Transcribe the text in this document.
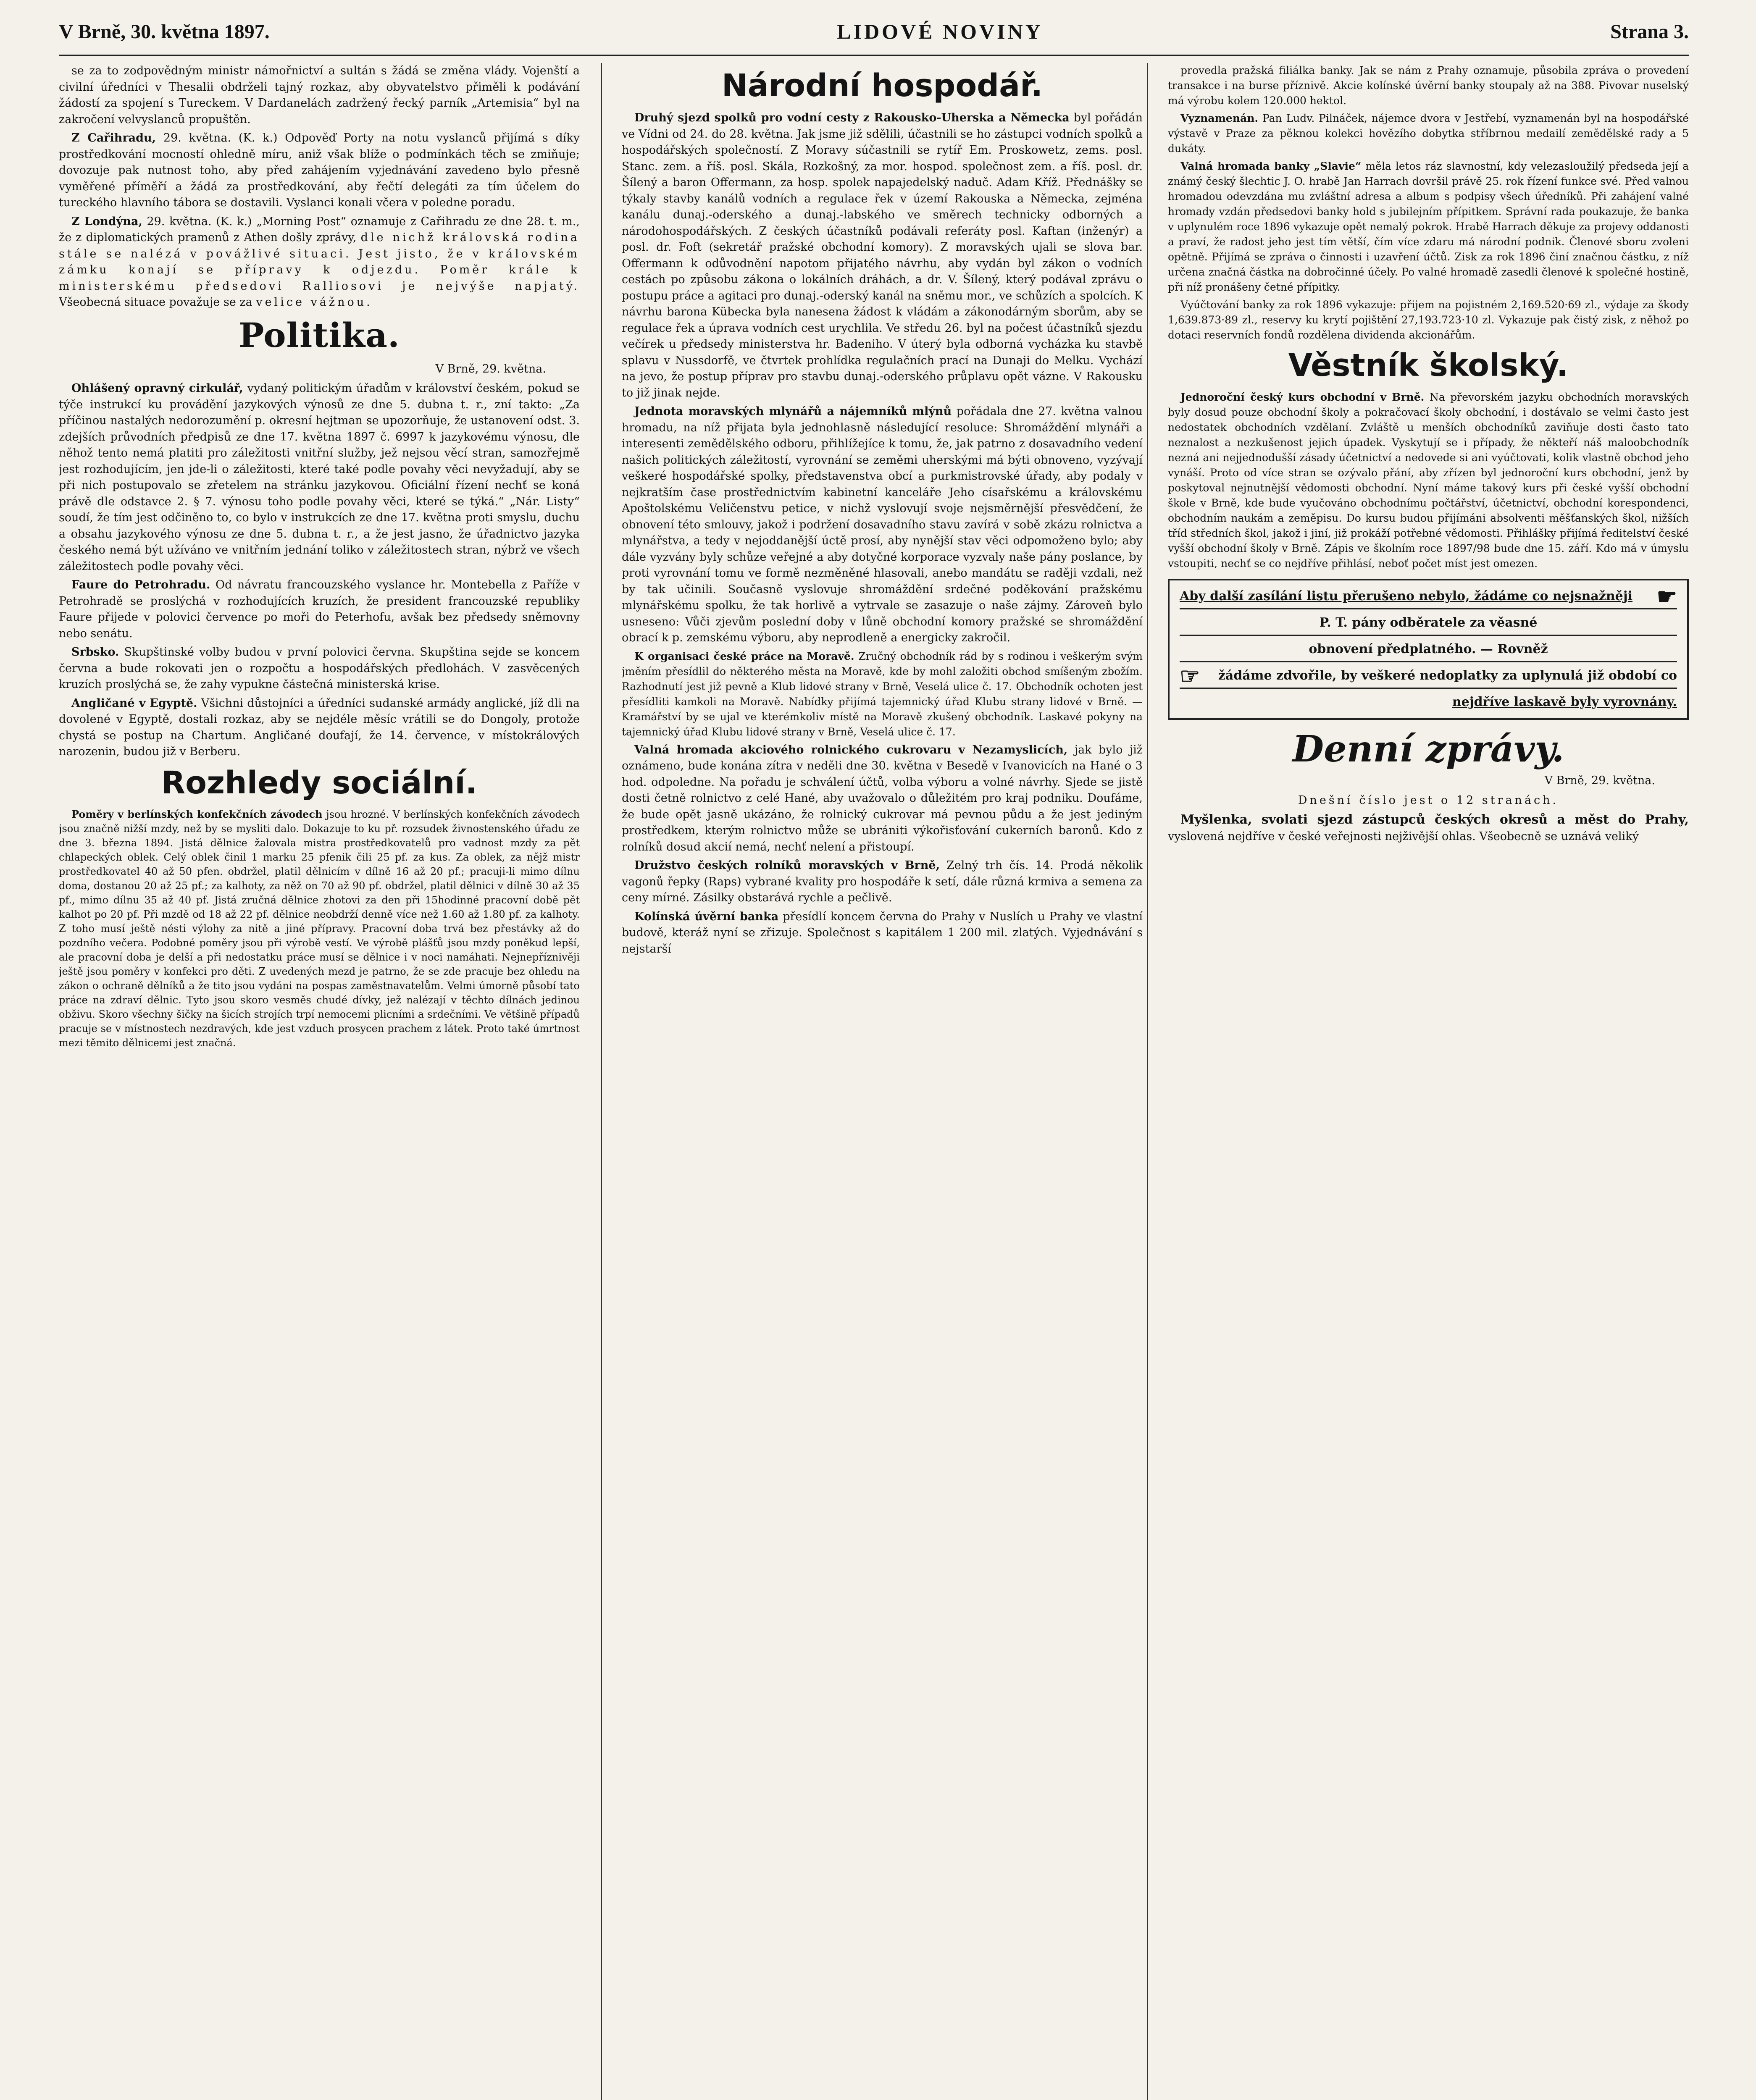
V Brně, 30. května 1897.	LIDOVÉ NOVINY	Strana 3.

se za to zodpovědným ministr námořnictví a sultán s žádá se změna vlády. Vojenští a civilní úředníci v Thesalii obdrželi tajný rozkaz, aby obyvatelstvo přiměli k podávání žádostí za spojení s Tureckem. V Dardanelách zadržený řecký parník „Artemisia“ byl na zakročení velvyslanců propuštěn.

Z Cařihradu, 29. května. (K. k.) Odpověď Porty na notu vyslanců přijímá s díky prostředkování mocností ohledně míru, aniž však blíže o podmínkách těch se zmiňuje; dovozuje pak nutnost toho, aby před zahájením vyjednávání zavedeno bylo přesně vyměřené příměří a žádá za prostředkování, aby řečtí delegáti za tím účelem do tureckého hlavního tábora se dostavili. Vyslanci konali včera v poledne poradu.

Z Londýna, 29. května. (K. k.) „Morning Post“ oznamuje z Cařihradu ze dne 28. t. m., že z diplomatických pramenů z Athen došly zprávy, dle nichž královská rodina stále se nalézá v povážlivé situaci. Jest jisto, že v královském zámku konají se přípravy k odjezdu. Poměr krále k ministerskému předsedovi Ralliosovi je nejvýše napjatý. Všeobecná situace považuje se za velice vážnou.

Politika.
V Brně, 29. května.

Ohlášený opravný cirkulář, vydaný politickým úřadům v království českém, pokud se týče instrukcí ku provádění jazykových výnosů ze dne 5. dubna t. r., zní takto: „Za příčinou nastalých nedorozumění p. okresní hejtman se upozorňuje, že ustanovení odst. 3. zdejších průvodních předpisů ze dne 17. května 1897 č. 6997 k jazykovému výnosu, dle něhož tento nemá platiti pro záležitosti vnitřní služby, jež nejsou věcí stran, samozřejmě jest rozhodujícím, jen jde-li o záležitosti, které také podle povahy věci nevyžadují, aby se při nich postupovalo se zřetelem na stránku jazykovou. Oficiální řízení nechť se koná právě dle odstavce 2. § 7. výnosu toho podle povahy věci, které se týká.“ „Nár. Listy“ soudí, že tím jest odčiněno to, co bylo v instrukcích ze dne 17. května proti smyslu, duchu a obsahu jazykového výnosu ze dne 5. dubna t. r., a že jest jasno, že úřadnictvo jazyka českého nemá být užíváno ve vnitřním jednání toliko v záležitostech stran, nýbrž ve všech záležitostech podle povahy věci.

Faure do Petrohradu. Od návratu francouzského vyslance hr. Montebella z Paříže v Petrohradě se proslýchá v rozhodujících kruzích, že president francouzské republiky Faure přijede v polovici července po moři do Peterhofu, avšak bez předsedy sněmovny nebo senátu.

Srbsko. Skupštinské volby budou v první polovici června. Skupština sejde se koncem června a bude rokovati jen o rozpočtu a hospodářských předlohách. V zasvěcených kruzích proslýchá se, že zahy vypukne částečná ministerská krise.

Angličané v Egyptě. Všichni důstojníci a úředníci sudanské armády anglické, jíž dli na dovolené v Egyptě, dostali rozkaz, aby se nejdéle měsíc vrátili se do Dongoly, protože chystá se postup na Chartum. Angličané doufají, že 14. července, v místokrálových narozenin, budou již v Berberu.

Rozhledy sociální.

Poměry v berlínských konfekčních závodech jsou hrozné. V berlínských konfekčních závodech jsou značně nižší mzdy, než by se mysliti dalo. Dokazuje to ku př. rozsudek živnostenského úřadu ze dne 3. března 1894. Jistá dělnice žalovala mistra prostředkovatelů pro vadnost mzdy za pět chlapeckých oblek. Celý oblek činil 1 marku 25 pfenik čili 25 pf. za kus. Za oblek, za nějž mistr prostředkovatel 40 až 50 pfen. obdržel, platil dělnicím v dílně 16 až 20 pf.; pracuji-li mimo dílnu doma, dostanou 20 až 25 pf.; za kalhoty, za něž on 70 až 90 pf. obdržel, platil dělnici v dílně 30 až 35 pf., mimo dílnu 35 až 40 pf. Jistá zručná dělnice zhotovi za den při 15hodinné pracovní době pět kalhot po 20 pf. Při mzdě od 18 až 22 pf. dělnice neobdrží denně více než 1.60 až 1.80 pf. za kalhoty. Z toho musí ještě nésti výlohy za nitě a jiné přípravy. Pracovní doba trvá bez přestávky až do pozdního večera. Podobné poměry jsou při výrobě vestí. Ve výrobě plášťů jsou mzdy poněkud lepší, ale pracovní doba je delší a při nedostatku práce musí se dělnice i v noci namáhati. Nejnepříznivěji ještě jsou poměry v konfekci pro děti. Z uvedených mezd je patrno, že se zde pracuje bez ohledu na zákon o ochraně dělníků a že tito jsou vydáni na pospas zaměstnavatelům. Velmi úmorně působí tato práce na zdraví dělnic. Tyto jsou skoro vesměs chudé dívky, jež nalézají v těchto dílnách jedinou obživu. Skoro všechny šičky na šicích strojích trpí nemocemi plicními a srdečními. Ve většině případů pracuje se v místnostech nezdravých, kde jest vzduch prosycen prachem z látek. Proto také úmrtnost mezi těmito dělnicemi jest značná.

Národní hospodář.

Druhý sjezd spolků pro vodní cesty z Rakousko-Uherska a Německa byl pořádán ve Vídni od 24. do 28. května. Jak jsme již sdělili, účastnili se ho zástupci vodních spolků a hospodářských společností. Z Moravy súčastnili se rytíř Em. Proskowetz, zems. posl. Stanc. zem. a říš. posl. Skála, Rozkošný, za mor. hospod. společnost zem. a říš. posl. dr. Šílený a baron Offermann, za hosp. spolek napajedelský naduč. Adam Kříž. Přednášky se týkaly stavby kanálů vodních a regulace řek v území Rakouska a Německa, zejména kanálu dunaj.-oderského a dunaj.-labského ve směrech technicky odborných a národohospodářských. Z českých účastníků podávali referáty posl. Kaftan (inženýr) a posl. dr. Foft (sekretář pražské obchodní komory). Z moravských ujali se slova bar. Offermann k odůvodnění napotom přijatého návrhu, aby vydán byl zákon o vodních cestách po způsobu zákona o lokálních dráhách, a dr. V. Šílený, který podával zprávu o postupu práce a agitaci pro dunaj.-oderský kanál na sněmu mor., ve schůzích a spolcích. K návrhu barona Kübecka byla nanesena žádost k vládám a zákonodárným sborům, aby se regulace řek a úprava vodních cest urychlila. Ve středu 26. byl na počest účastníků sjezdu večírek u předsedy ministerstva hr. Badeniho. V úterý byla odborná vycházka ku stavbě splavu v Nussdorfě, ve čtvrtek prohlídka regulačních prací na Dunaji do Melku. Vychází na jevo, že postup příprav pro stavbu dunaj.-oderského průplavu opět vázne. V Rakousku to již jinak nejde.

Jednota moravských mlynářů a nájemníků mlýnů pořádala dne 27. května valnou hromadu, na níž přijata byla jednohlasně následující resoluce: Shromáždění mlynáři a interesenti zemědělského odboru, přihlížejíce k tomu, že, jak patrno z dosavadního vedení našich politických záležitostí, vyrovnání se zeměmi uherskými má býti obnoveno, vyzývají veškeré hospodářské spolky, představenstva obcí a purkmistrovské úřady, aby podaly v nejkratším čase prostřednictvím kabinetní kanceláře Jeho císařskému a královskému Apoštolskému Veličenstvu petice, v nichž vyslovují svoje nejsměrnější přesvědčení, že obnovení této smlouvy, jakož i podržení dosavadního stavu zavírá v sobě zkázu rolnictva a mlynářstva, a tedy v nejoddanější úctě prosí, aby nynější stav věci odpomoženo bylo; aby dále vyzvány byly schůze veřejné a aby dotyčné korporace vyzvaly naše pány poslance, by proti vyrovnání tomu ve formě nezměněné hlasovali, anebo mandátu se raději vzdali, než by tak učinili. Současně vyslovuje shromáždění srdečné poděkování pražskému mlynářskému spolku, že tak horlivě a vytrvale se zasazuje o naše zájmy. Zároveň bylo usneseno: Vůči zjevům poslední doby v lůně obchodní komory pražské se shromáždění obrací k p. zemskému výboru, aby neprodleně a energicky zakročil.

K organisaci české práce na Moravě. Zručný obchodník rád by s rodinou i veškerým svým jměním přesídlil do některého města na Moravě, kde by mohl založiti obchod smíšeným zbožím. Razhodnutí jest již pevně a Klub lidové strany v Brně, Veselá ulice č. 17. Obchodník ochoten jest přesídliti kamkoli na Moravě. Nabídky přijímá tajemnický úřad Klubu strany lidové v Brně. — Kramářství by se ujal ve kterémkoliv místě na Moravě zkušený obchodník. Laskavé pokyny na tajemnický úřad Klubu lidové strany v Brně, Veselá ulice č. 17.

Valná hromada akciového rolnického cukrovaru v Nezamyslicích, jak bylo již oznámeno, bude konána zítra v neděli dne 30. května v Besedě v Ivanovicích na Hané o 3 hod. odpoledne. Na pořadu je schválení účtů, volba výboru a volné návrhy. Sjede se jistě dosti četně rolnictvo z celé Hané, aby uvažovalo o důležitém pro kraj podniku. Doufáme, že bude opět jasně ukázáno, že rolnický cukrovar má pevnou půdu a že jest jediným prostředkem, kterým rolnictvo může se ubrániti výkořisťování cukerních baronů. Kdo z rolníků dosud akcií nemá, nechť nelení a přistoupí.

Družstvo českých rolníků moravských v Brně, Zelný trh čís. 14. Prodá několik vagonů řepky (Raps) vybrané kvality pro hospodáře k setí, dále různá krmiva a semena za ceny mírné. Zásilky obstarává rychle a pečlivě.

Kolínská úvěrní banka přesídlí koncem června do Prahy v Nuslích u Prahy ve vlastní budově, kteráž nyní se zřizuje. Společnost s kapitálem 1 200 mil. zlatých. Vyjednávání s nejstarší

provedla pražská filiálka banky. Jak se nám z Prahy oznamuje, působila zpráva o provedení transakce i na burse příznivě. Akcie kolínské úvěrní banky stoupaly až na 388. Pivovar nuselský má výrobu kolem 120.000 hektol.

Vyznamenán. Pan Ludv. Pilnáček, nájemce dvora v Jestřebí, vyznamenán byl na hospodářské výstavě v Praze za pěknou kolekci hovězího dobytka stříbrnou medailí zemědělské rady a 5 dukáty.

Valná hromada banky „Slavie“ měla letos ráz slavnostní, kdy velezasloužilý předseda její a známý český šlechtic J. O. hrabě Jan Harrach dovršil právě 25. rok řízení funkce své. Před valnou hromadou odevzdána mu zvláštní adresa a album s podpisy všech úředníků. Při zahájení valné hromady vzdán předsedovi banky hold s jubilejním přípitkem. Správní rada poukazuje, že banka v uplynulém roce 1896 vykazuje opět nemalý pokrok. Hrabě Harrach děkuje za projevy oddanosti a praví, že radost jeho jest tím větší, čím více zdaru má národní podnik. Členové sboru zvoleni opětně. Přijímá se zpráva o činnosti i uzavření účtů. Zisk za rok 1896 činí značnou částku, z níž určena značná částka na dobročinné účely. Po valné hromadě zasedli členové k společné hostině, při níž pronášeny četné přípitky.

Vyúčtování banky za rok 1896 vykazuje: přijem na pojistném 2,169.520·69 zl., výdaje za škody 1,639.873·89 zl., reservy ku krytí pojištění 27,193.723·10 zl. Vykazuje pak čistý zisk, z něhož po dotaci reservních fondů rozdělena dividenda akcionářům.

Věstník školský.

Jednoroční český kurs obchodní v Brně. Na převorském jazyku obchodních moravských byly dosud pouze obchodní školy a pokračovací školy obchodní, i dostávalo se velmi často jest nedostatek obchodních vzdělaní. Zvláště u menších obchodníků zaviňuje dosti často tato neznalost a nezkušenost jejich úpadek. Vyskytují se i případy, že někteří náš maloobchodník nezná ani nejjednodušší zásady účetnictví a nedovede si ani vyúčtovati, kolik vlastně obchod jeho vynáší. Proto od více stran se ozývalo přání, aby zřízen byl jednoroční kurs obchodní, jenž by poskytoval nejnutnější vědomosti obchodní. Nyní máme takový kurs při české vyšší obchodní škole v Brně, kde bude vyučováno obchodnímu počtářství, účetnictví, obchodní korespondenci, obchodním naukám a zeměpisu. Do kursu budou přijímáni absolventi měšťanských škol, nižších tříd středních škol, jakož i jiní, již prokáží potřebné vědomosti. Přihlášky přijímá ředitelství české vyšší obchodní školy v Brně. Zápis ve školním roce 1897/98 bude dne 15. září. Kdo má v úmyslu vstoupiti, nechť se co nejdříve přihlásí, neboť počet míst jest omezen.

Aby další zasílání listu přerušeno nebylo, žádáme co nejsnažněji ☛
P. T. pány odběratele za věasné
obnovení předplatného. — Rovněž
☞ žádáme zdvořile, by veškeré nedoplatky za uplynulá již období co
nejdříve laskavě byly vyrovnány.
Denní zprávy.
V Brně, 29. května.
Dnešní číslo jest o 12 stranách.

Myšlenka, svolati sjezd zástupců českých okresů a měst do Prahy, vyslovená nejdříve v české veřejnosti nejživější ohlas. Všeobecně se uznává veliký
